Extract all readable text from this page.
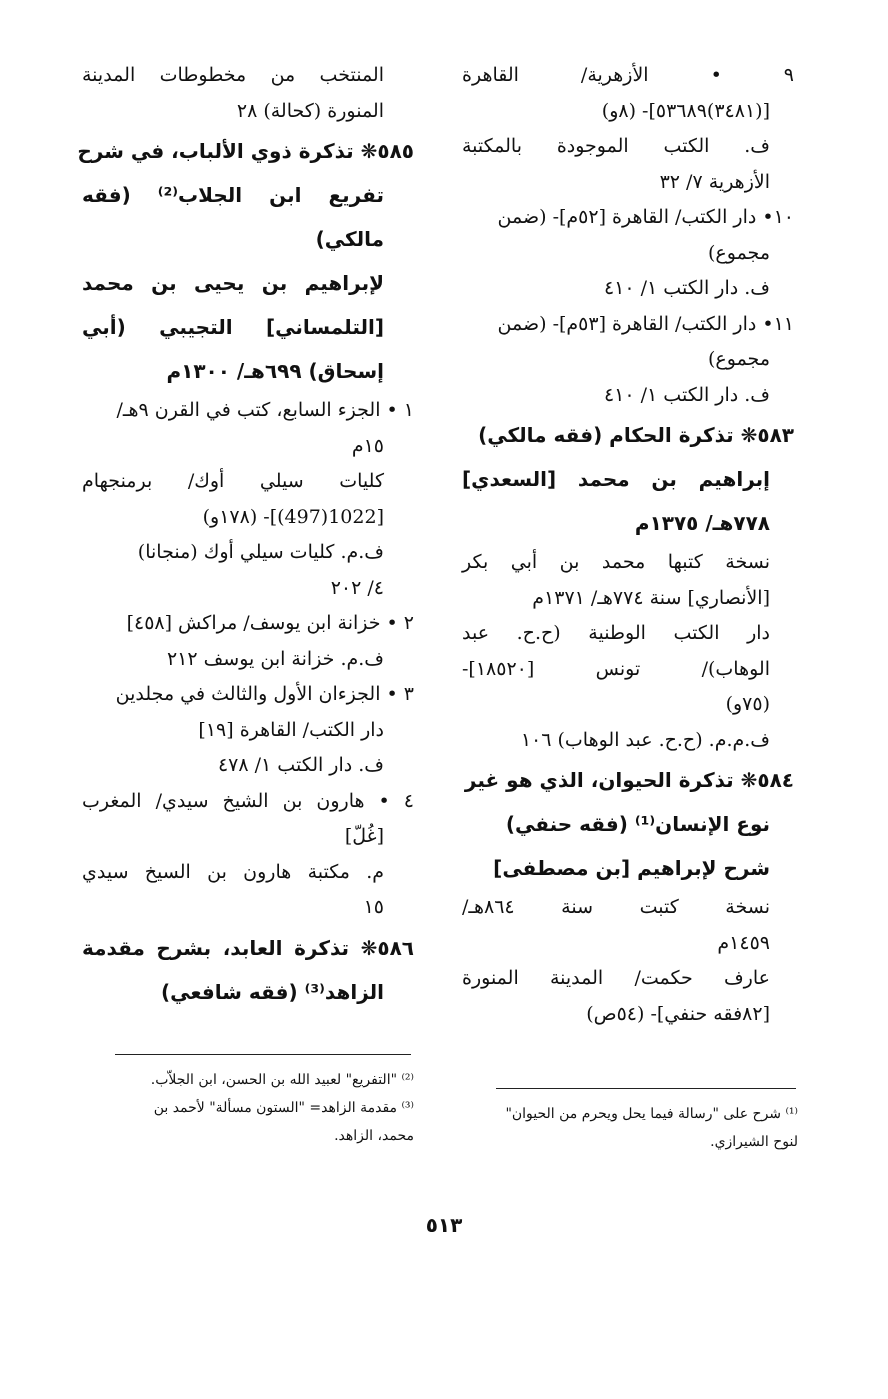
٩ • الأزهرية/ القاهرة
[(٣٤٨١)٥٣٦٨٩]- (٨و)
ف. الكتب الموجودة بالمكتبة
الأزهرية ٧/ ٣٢
١٠• دار الكتب/ القاهرة [٥٢م]- (ضمن
مجموع)
ف. دار الكتب ١/ ٤١٠
١١• دار الكتب/ القاهرة [٥٣م]- (ضمن
مجموع)
ف. دار الكتب ١/ ٤١٠
٥٨٣❋ تذكرة الحكام (فقه مالكي)
إبراهيم بن محمد [السعدي]
٧٧٨هـ/ ١٣٧٥م
نسخة كتبها محمد بن أبي بكر
[الأنصاري] سنة ٧٧٤هـ/ ١٣٧١م
دار الكتب الوطنية (ح.ح. عبد
الوهاب)/ تونس [١٨٥٢٠]-
(٧٥و)
ف.م.م. (ح.ح. عبد الوهاب) ١٠٦
٥٨٤❋ تذكرة الحيوان، الذي هو غير
نوع الإنسان⁽¹⁾ (فقه حنفي)
شرح لإبراهيم [بن مصطفى]
نسخة كتبت سنة ٨٦٤هـ/
١٤٥٩م
عارف حكمت/ المدينة المنورة
[٨٢فقه حنفي]- (٥٤ص)
المنتخب من مخطوطات المدينة
المنورة (كحالة) ٢٨
٥٨٥❋ تذكرة ذوي الألباب، في شرح
تفريع ابن الجلاب⁽²⁾ (فقه
مالكي)
لإبراهيم بن يحيى بن محمد
[التلمساني] التجيبي (أبي
إسحاق) ٦٩٩هـ/ ١٣٠٠م
١ • الجزء السابع، كتب في القرن ٩هـ/
١٥م
كليات سيلي أوك/ برمنجهام
[1022(497)]- (١٧٨و)
ف.م. كليات سيلي أوك (منجانا)
٤/ ٢٠٢
٢ • خزانة ابن يوسف/ مراكش [٤٥٨]
ف.م. خزانة ابن يوسف ٢١٢
٣ • الجزءان الأول والثالث في مجلدين
دار الكتب/ القاهرة [١٩]
ف. دار الكتب ١/ ٤٧٨
٤ • هارون بن الشيخ سيدي/ المغرب
[غُلّ]
م. مكتبة هارون بن السيخ سيدي
١٥
٥٨٦❋ تذكرة العابد، بشرح مقدمة
الزاهد⁽³⁾ (فقه شافعي)
⁽²⁾ "التفريع" لعبيد الله بن الحسن، ابن الجلاّب.
⁽³⁾ مقدمة الزاهد= "الستون مسألة" لأحمد بن
محمد، الزاهد.
⁽¹⁾ شرح على "رسالة فيما يحل ويحرم من الحيوان"
لنوح الشيرازي.
٥١٣
